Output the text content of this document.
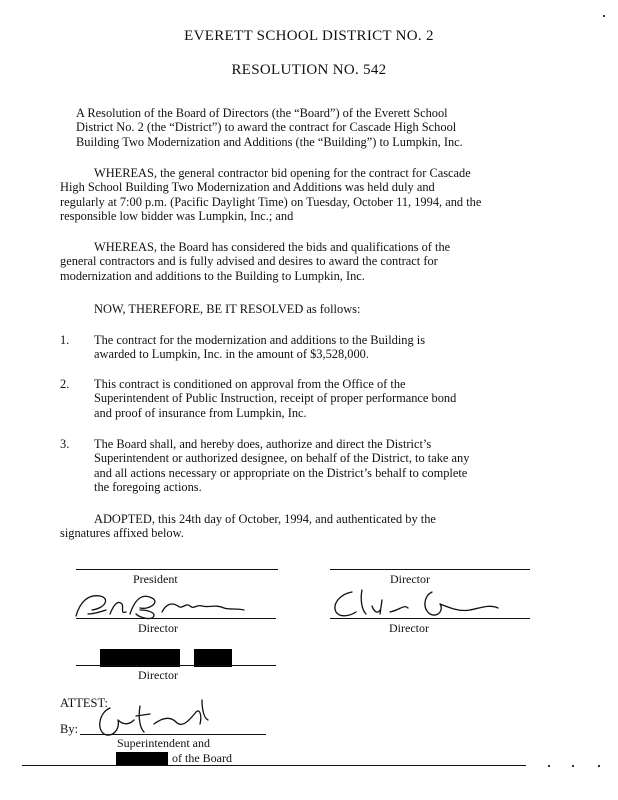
EVERETT SCHOOL DISTRICT NO. 2
RESOLUTION NO. 542
A Resolution of the Board of Directors (the “Board”) of the Everett School
District No. 2 (the “District”) to award the contract for Cascade High School
Building Two Modernization and Additions (the “Building”) to Lumpkin, Inc.
WHEREAS, the general contractor bid opening for the contract for Cascade
High School Building Two Modernization and Additions was held duly and
regularly at 7:00 p.m. (Pacific Daylight Time) on Tuesday, October 11, 1994, and the
responsible low bidder was Lumpkin, Inc.; and
WHEREAS, the Board has considered the bids and qualifications of the
general contractors and is fully advised and desires to award the contract for
modernization and additions to the Building to Lumpkin, Inc.
NOW, THEREFORE, BE IT RESOLVED as follows:
1. The contract for the modernization and additions to the Building is
awarded to Lumpkin, Inc. in the amount of $3,528,000.
2. This contract is conditioned on approval from the Office of the
Superintendent of Public Instruction, receipt of proper performance bond
and proof of insurance from Lumpkin, Inc.
3. The Board shall, and hereby does, authorize and direct the District’s
Superintendent or authorized designee, on behalf of the District, to take any
and all actions necessary or appropriate on the District’s behalf to complete
the foregoing actions.
ADOPTED, this 24th day of October, 1994, and authenticated by the
signatures affixed below.
President	Director
Director	Director
Director
ATTEST:
By:
Superintendent and
of the Board
